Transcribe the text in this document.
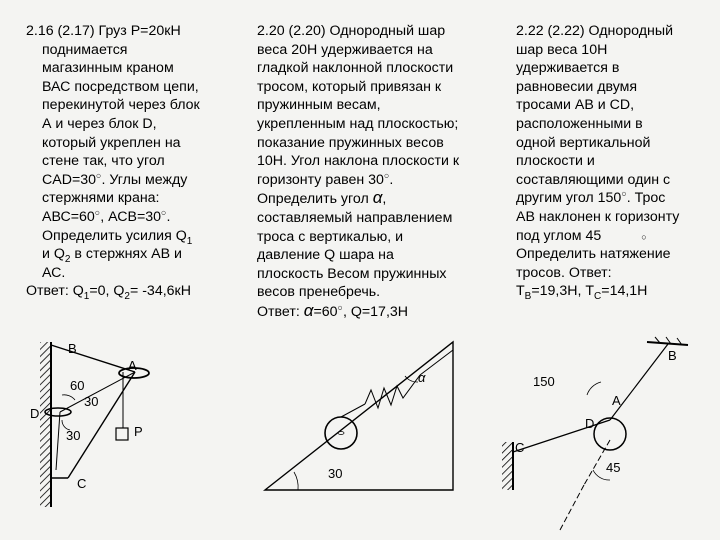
2.16 (2.17) Груз Р=20кН

поднимается
магазинным краном
ВАС посредством цепи,
перекинутой через блок
А и через блок D,
который укреплен на
стене так, что угол
CAD=30○. Углы между
стержнями крана:
АВС=60○, АСВ=30○.
Определить усилия $Q_1$
и $Q_2$ в стержнях АВ и
АС.
Ответ: $Q_1=0$, $Q_2= -34,6кН$
2.20 (2.20) Однородный шар
веса 20Н удерживается на
гладкой наклонной плоскости
тросом, который привязан к
пружинным весам,
укрепленным над плоскостью;
показание пружинных весов
10Н. Угол наклона плоскости к
горизонту равен 30○.
Определить угол α,
составляемый направлением
троса с вертикалью, и
давление Q шара на
плоскость Весом пружинных
весов пренебречь.
Ответ: α=60○, Q=17,3Н
2.22 (2.22) Однородный
шар веса 10Н
удерживается в
равновесии двумя
тросами АВ и CD,
расположенными в
одной вертикальной
плоскости и
составляющими один с
другим угол 150○. Трос
АВ наклонен к горизонту
под углом 45	○
Определить натяжение
тросов. Ответ:
$T_B=19,3Н$, $T_C=14,1Н$
B
A
60
30
D
30	P
C
30
α
B
150
A
D
C
45
